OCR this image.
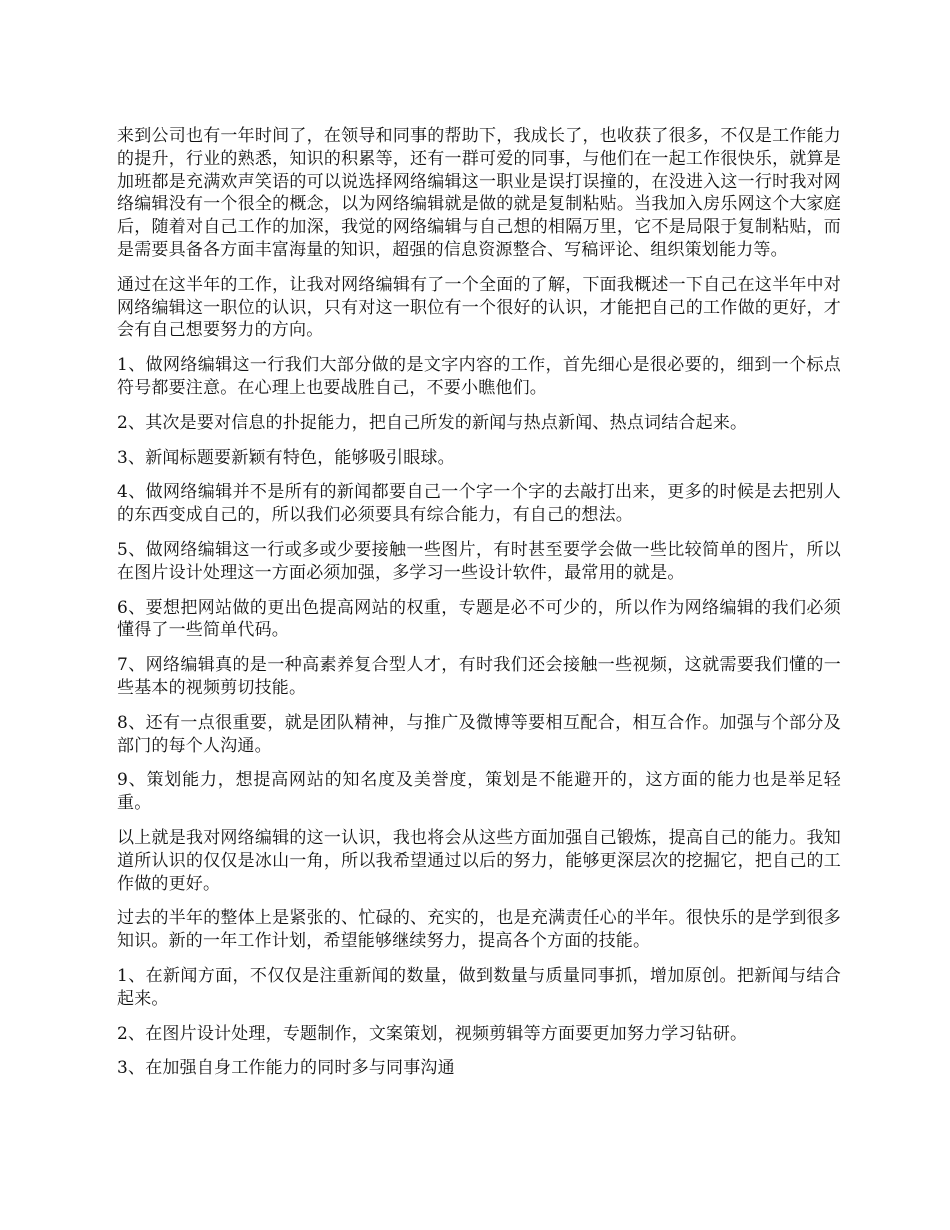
来到公司也有一年时间了，在领导和同事的帮助下，我成长了，也收获了很多，不仅是工作能力的提升，行业的熟悉，知识的积累等，还有一群可爱的同事，与他们在一起工作很快乐，就算是加班都是充满欢声笑语的可以说选择网络编辑这一职业是误打误撞的，在没进入这一行时我对网络编辑没有一个很全的概念，以为网络编辑就是做的就是复制粘贴。当我加入房乐网这个大家庭后，随着对自己工作的加深，我觉的网络编辑与自己想的相隔万里，它不是局限于复制粘贴，而是需要具备各方面丰富海量的知识，超强的信息资源整合、写稿评论、组织策划能力等。

通过在这半年的工作，让我对网络编辑有了一个全面的了解，下面我概述一下自己在这半年中对网络编辑这一职位的认识，只有对这一职位有一个很好的认识，才能把自己的工作做的更好，才会有自己想要努力的方向。

1、做网络编辑这一行我们大部分做的是文字内容的工作，首先细心是很必要的，细到一个标点符号都要注意。在心理上也要战胜自己，不要小瞧他们。

2、其次是要对信息的扑捉能力，把自己所发的新闻与热点新闻、热点词结合起来。

3、新闻标题要新颖有特色，能够吸引眼球。

4、做网络编辑并不是所有的新闻都要自己一个字一个字的去敲打出来，更多的时候是去把别人的东西变成自己的，所以我们必须要具有综合能力，有自己的想法。

5、做网络编辑这一行或多或少要接触一些图片，有时甚至要学会做一些比较简单的图片，所以在图片设计处理这一方面必须加强，多学习一些设计软件，最常用的就是。

6、要想把网站做的更出色提高网站的权重，专题是必不可少的，所以作为网络编辑的我们必须懂得了一些简单代码。

7、网络编辑真的是一种高素养复合型人才，有时我们还会接触一些视频，这就需要我们懂的一些基本的视频剪切技能。

8、还有一点很重要，就是团队精神，与推广及微博等要相互配合，相互合作。加强与个部分及部门的每个人沟通。

9、策划能力，想提高网站的知名度及美誉度，策划是不能避开的，这方面的能力也是举足轻重。

以上就是我对网络编辑的这一认识，我也将会从这些方面加强自己锻炼，提高自己的能力。我知道所认识的仅仅是冰山一角，所以我希望通过以后的努力，能够更深层次的挖掘它，把自己的工作做的更好。

过去的半年的整体上是紧张的、忙碌的、充实的，也是充满责任心的半年。很快乐的是学到很多知识。新的一年工作计划，希望能够继续努力，提高各个方面的技能。

1、在新闻方面，不仅仅是注重新闻的数量，做到数量与质量同事抓，增加原创。把新闻与结合起来。

2、在图片设计处理，专题制作，文案策划，视频剪辑等方面要更加努力学习钻研。

3、在加强自身工作能力的同时多与同事沟通
